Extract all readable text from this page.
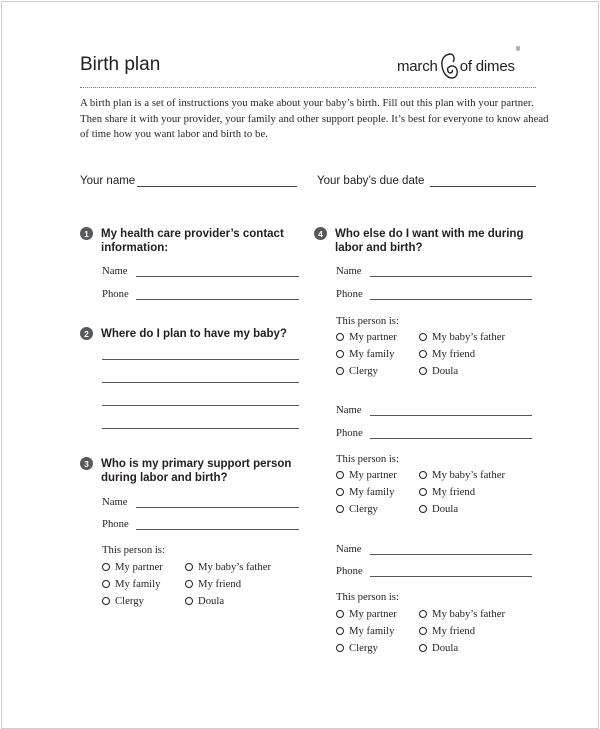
Birth plan	march of dimes
®

A birth plan is a set of instructions you make about your baby’s birth. Fill out this plan with your partner. Then share it with your provider, your family and other support people. It’s best for everyone to know ahead of time how you want labor and birth to be.

Your name	Your baby’s due date
1	My health care provider’s contact
information:
Name
Phone
2	Where do I plan to have my baby?
3	Who is my primary support person
during labor and birth?
Name
Phone
This person is:
My partner	My baby’s father
My family	My friend
Clergy	Doula
4	Who else do I want with me during
labor and birth?
Name
Phone
This person is:
My partner	My baby’s father
My family	My friend
Clergy	Doula
Name
Phone
This person is:
My partner	My baby’s father
My family	My friend
Clergy	Doula
Name
Phone
This person is:
My partner	My baby’s father
My family	My friend
Clergy	Doula
